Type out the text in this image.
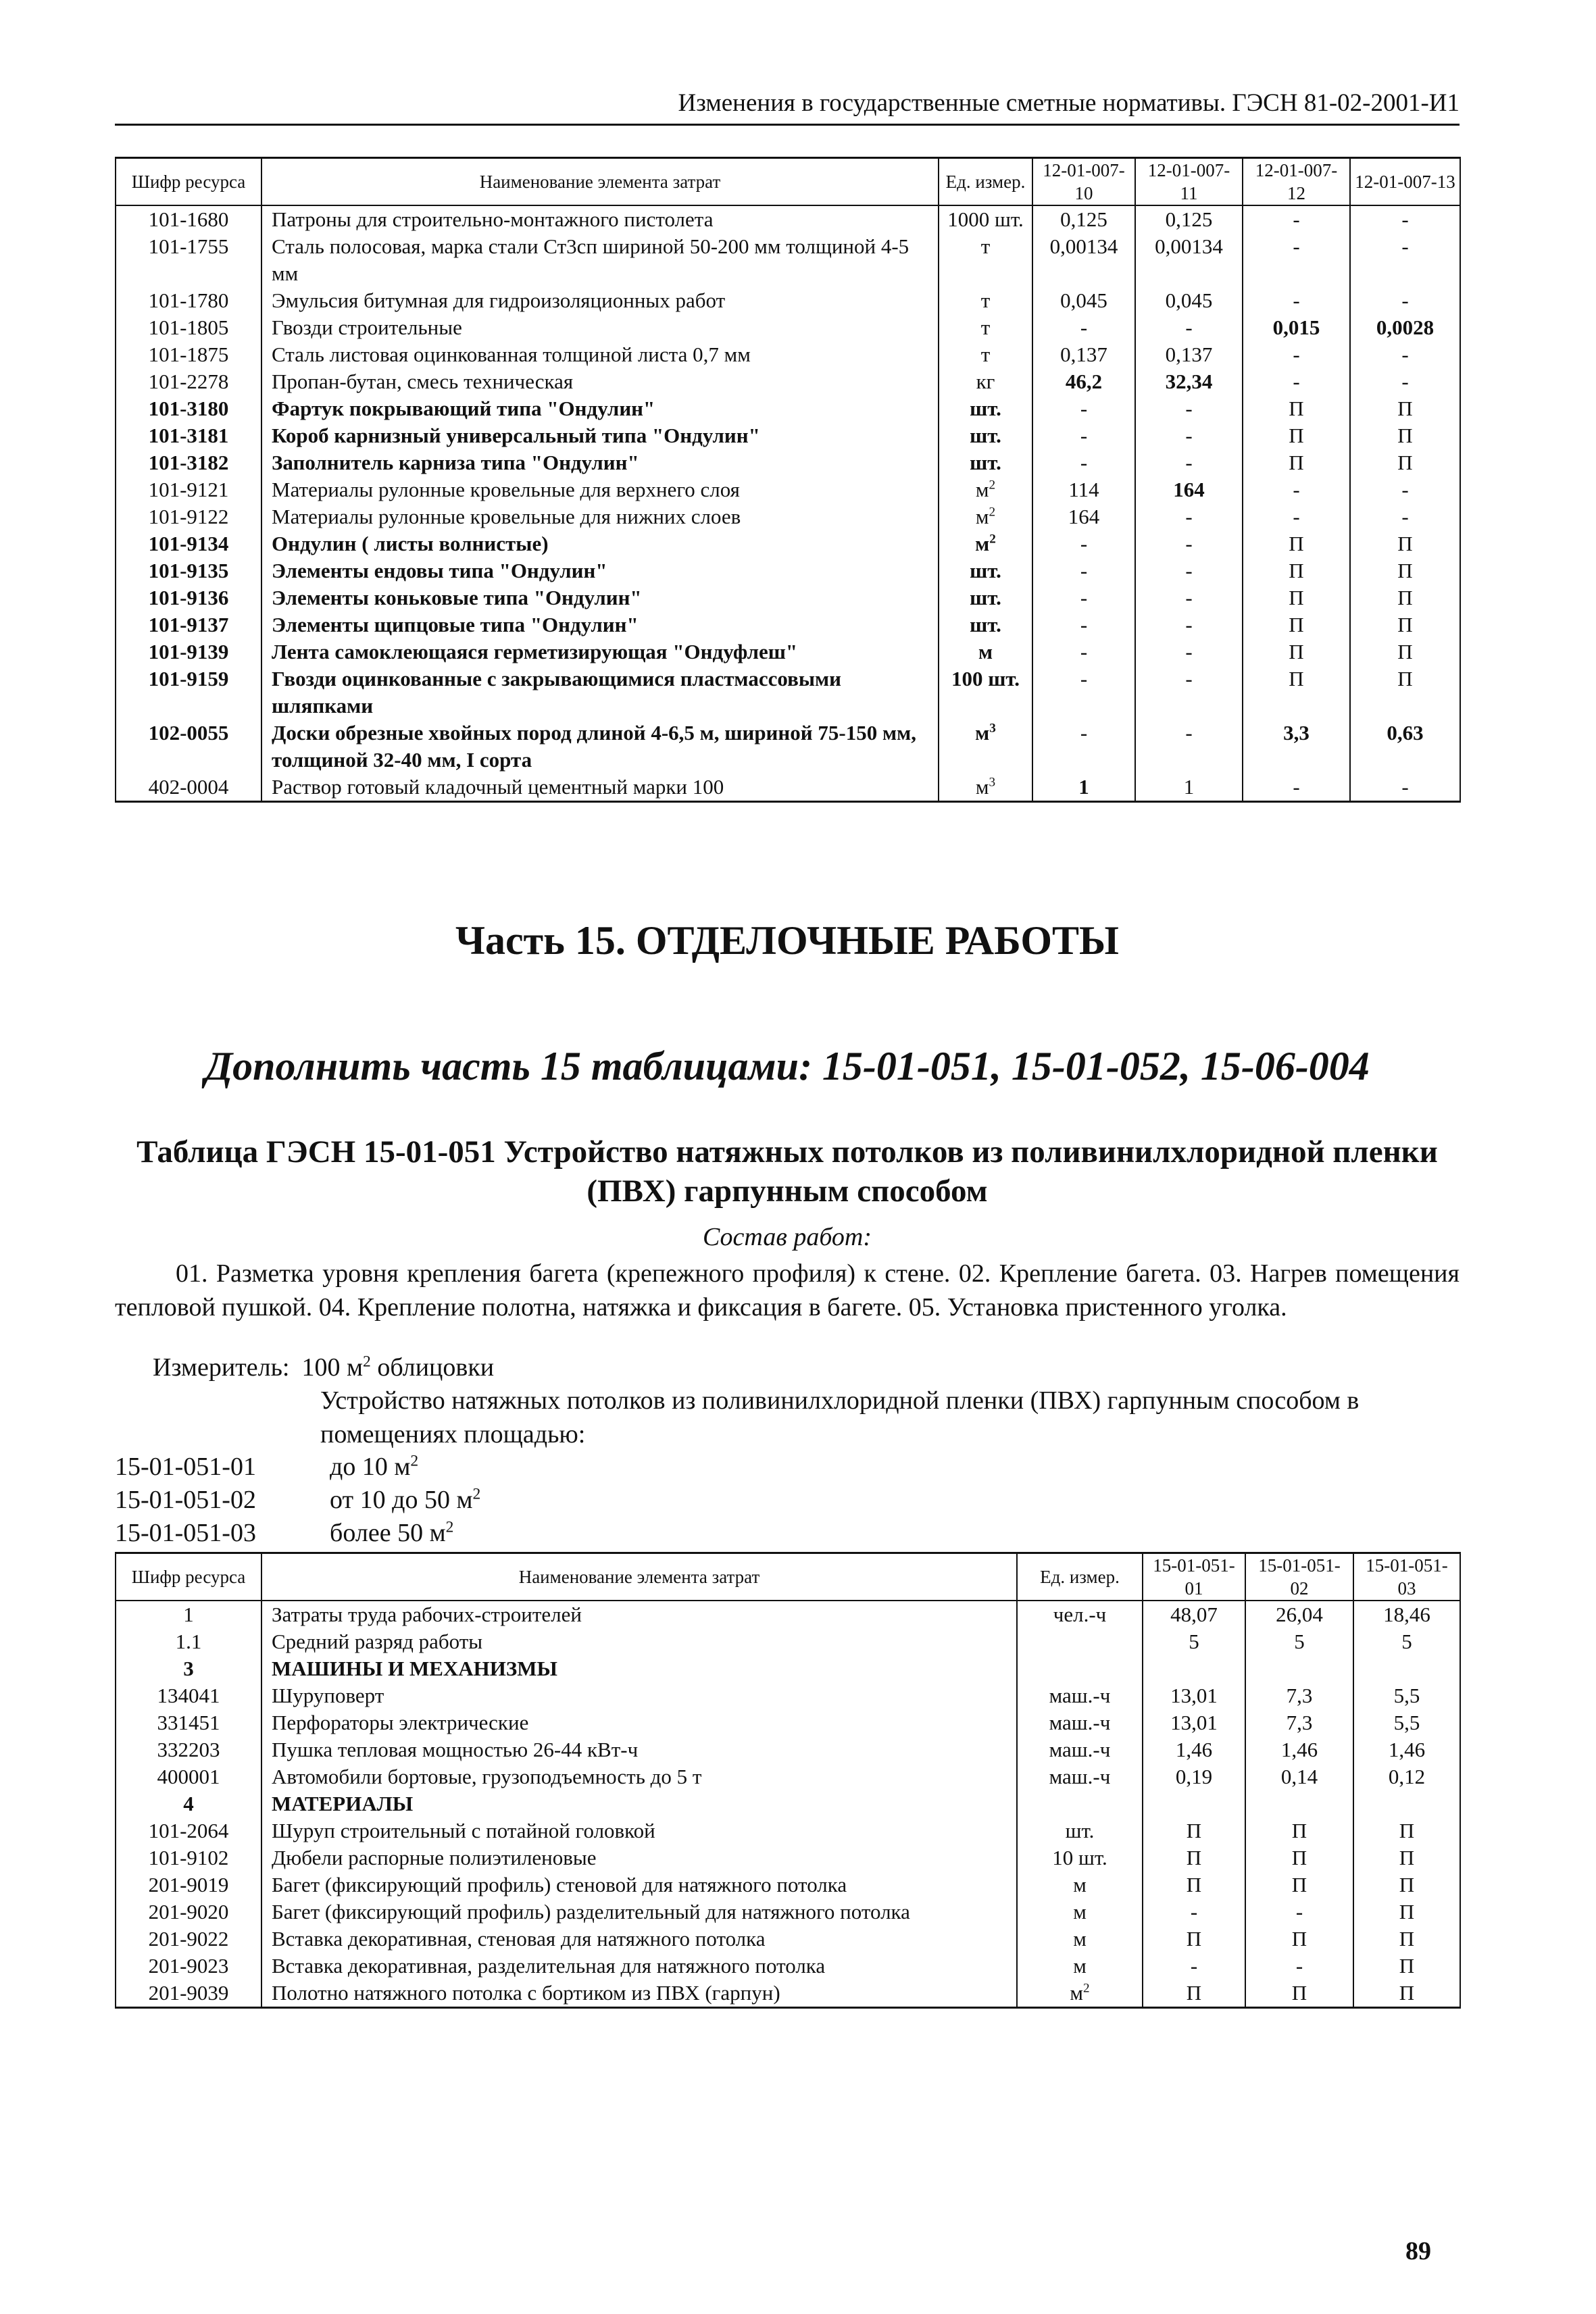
Изменения в государственные сметные нормативы. ГЭСН 81-02-2001-И1
Шифр ресурса	Наименование элемента затрат	Ед. измер.	12-01-007-10	12-01-007-11	12-01-007-12	12-01-007-13
101-1680	Патроны для строительно-монтажного пистолета	1000 шт.	0,125	0,125	-	-
101-1755	Сталь полосовая, марка стали Ст3сп шириной 50-200 мм толщиной 4-5 мм	т	0,00134	0,00134	-	-
101-1780	Эмульсия битумная для гидроизоляционных работ	т	0,045	0,045	-	-
101-1805	Гвозди строительные	т	-	-	0,015	0,0028
101-1875	Сталь листовая оцинкованная толщиной листа 0,7 мм	т	0,137	0,137	-	-
101-2278	Пропан-бутан, смесь техническая	кг	46,2	32,34	-	-
101-3180	Фартук покрывающий типа "Ондулин"	шт.	-	-	П	П
101-3181	Короб карнизный универсальный типа "Ондулин"	шт.	-	-	П	П
101-3182	Заполнитель карниза типа "Ондулин"	шт.	-	-	П	П
101-9121	Материалы рулонные кровельные для верхнего слоя	$м^2$	114	164	-	-
101-9122	Материалы рулонные кровельные для нижних слоев	$м^2$	164	-	-	-
101-9134	Ондулин ( листы волнистые)	$м^2$	-	-	П	П
101-9135	Элементы ендовы типа "Ондулин"	шт.	-	-	П	П
101-9136	Элементы коньковые типа "Ондулин"	шт.	-	-	П	П
101-9137	Элементы щипцовые типа "Ондулин"	шт.	-	-	П	П
101-9139	Лента самоклеющаяся герметизирующая "Ондуфлеш"	м	-	-	П	П
101-9159	Гвозди оцинкованные с закрывающимися пластмассовыми шляпками	100 шт.	-	-	П	П
102-0055	Доски обрезные хвойных пород длиной 4-6,5 м, шириной 75-150 мм, толщиной 32-40 мм, I сорта	$м^3$	-	-	3,3	0,63
402-0004	Раствор готовый кладочный цементный марки 100	$м^3$	1	1	-	-
Часть 15. ОТДЕЛОЧНЫЕ РАБОТЫ
Дополнить часть 15 таблицами: 15-01-051, 15-01-052, 15-06-004
Таблица ГЭСН 15-01-051 Устройство натяжных потолков из поливинилхлоридной пленки (ПВХ) гарпунным способом
Состав работ:
01. Разметка уровня крепления багета (крепежного профиля) к стене. 02. Крепление багета. 03. Нагрев помещения тепловой пушкой. 04. Крепление полотна, натяжка и фиксация в багете. 05. Установка пристенного уголка.
Измеритель: 100 $м^2$ облицовки
Устройство натяжных потолков из поливинилхлоридной пленки (ПВХ) гарпунным способом в помещениях площадью:
15-01-051-01	до 10 $м^2$
15-01-051-02	от 10 до 50 $м^2$
15-01-051-03	более 50 $м^2$
Шифр ресурса	Наименование элемента затрат	Ед. измер.	15-01-051-01	15-01-051-02	15-01-051-03
1	Затраты труда рабочих-строителей	чел.-ч	48,07	26,04	18,46
1.1	Средний разряд работы		5	5	5
3	МАШИНЫ И МЕХАНИЗМЫ				
134041	Шуруповерт	маш.-ч	13,01	7,3	5,5
331451	Перфораторы электрические	маш.-ч	13,01	7,3	5,5
332203	Пушка тепловая мощностью 26-44 кВт-ч	маш.-ч	1,46	1,46	1,46
400001	Автомобили бортовые, грузоподъемность до 5 т	маш.-ч	0,19	0,14	0,12
4	МАТЕРИАЛЫ				
101-2064	Шуруп строительный с потайной головкой	шт.	П	П	П
101-9102	Дюбели распорные полиэтиленовые	10 шт.	П	П	П
201-9019	Багет (фиксирующий профиль) стеновой для натяжного потолка	м	П	П	П
201-9020	Багет (фиксирующий профиль) разделительный для натяжного потолка	м	-	-	П
201-9022	Вставка декоративная, стеновая для натяжного потолка	м	П	П	П
201-9023	Вставка декоративная, разделительная для натяжного потолка	м	-	-	П
201-9039	Полотно натяжного потолка с бортиком из ПВХ (гарпун)	$м^2$	П	П	П
89
